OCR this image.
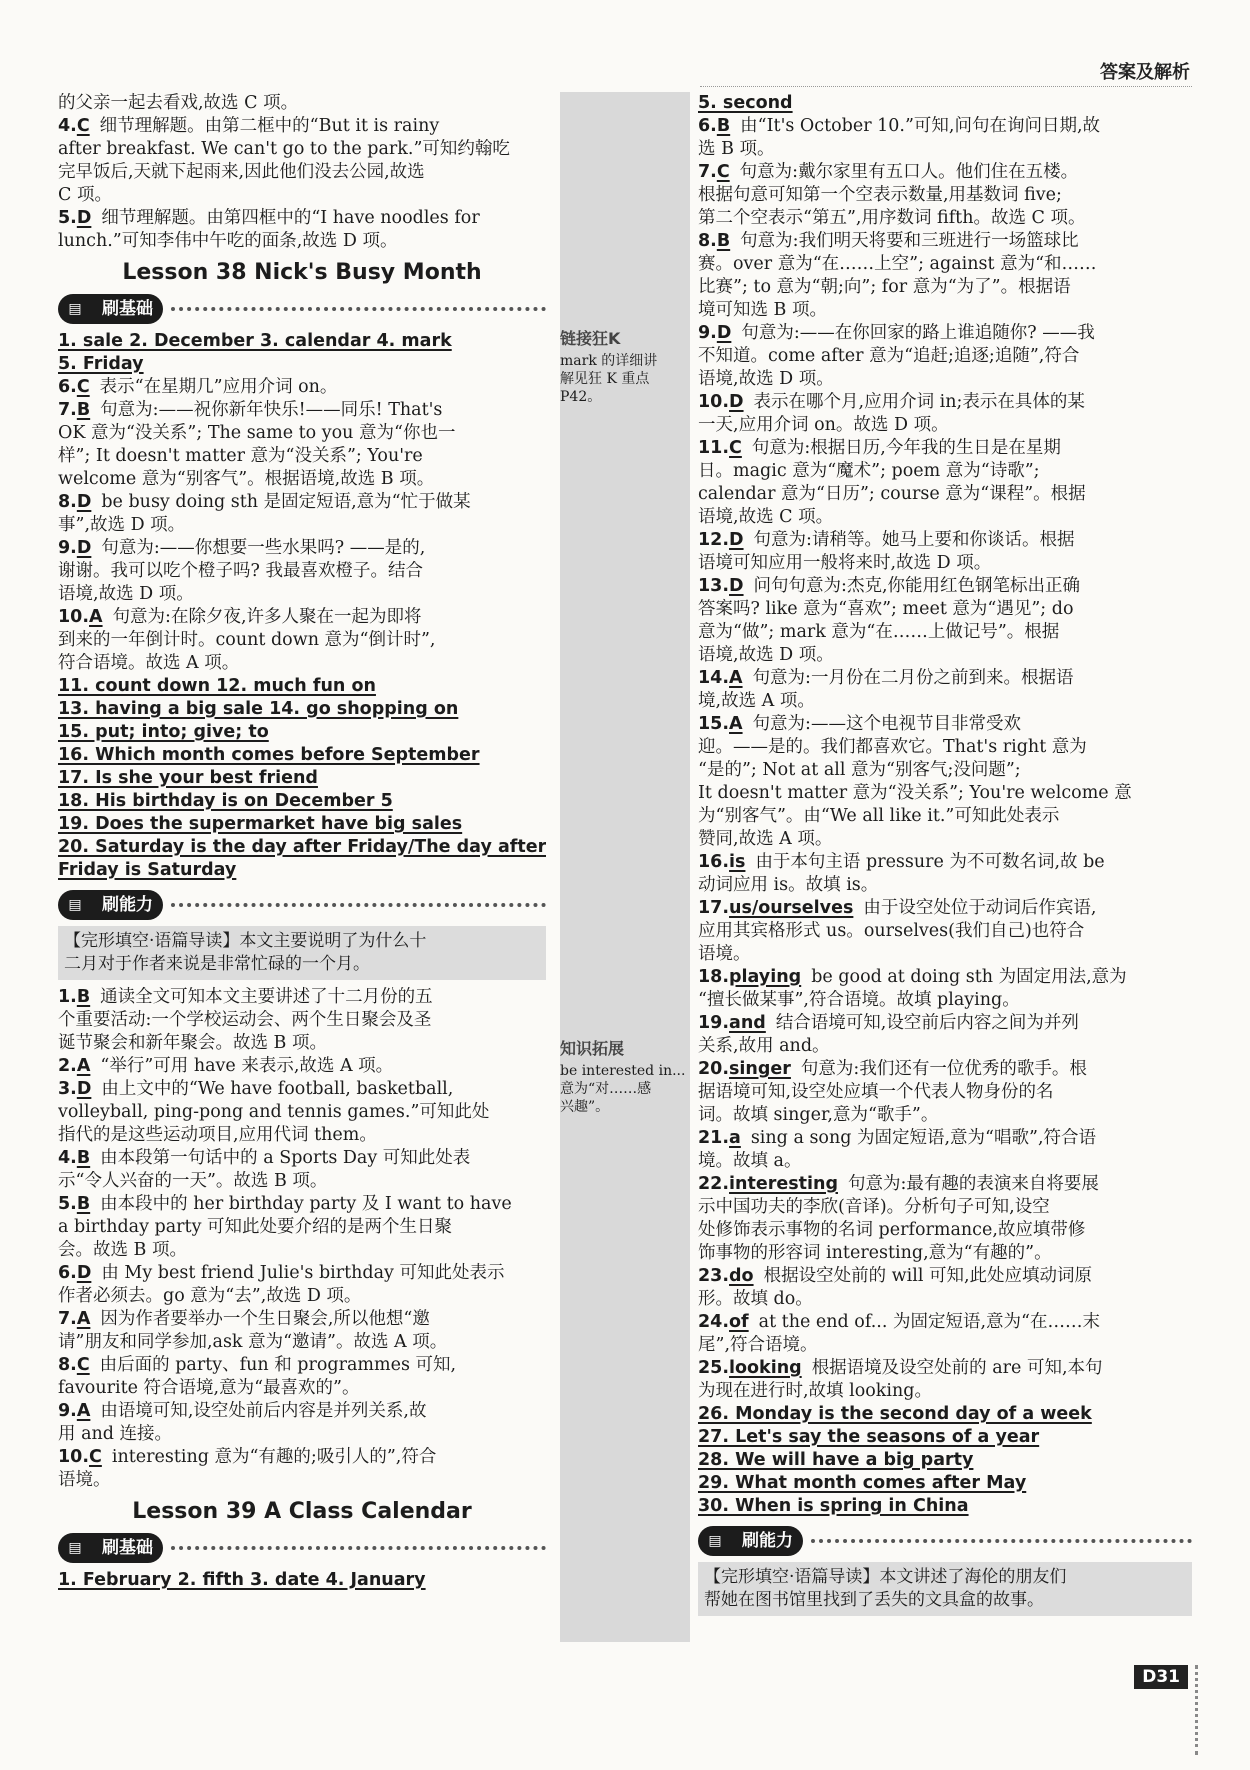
答案及解析
链接狂K
mark 的详细讲
解见狂 K 重点
P42。
知识拓展
be interested in...
意为“对……感
兴趣”。
的父亲一起去看戏,故选 C 项。
4.C 细节理解题。由第二框中的“But it is rainy
after breakfast. We can't go to the park.”可知约翰吃
完早饭后,天就下起雨来,因此他们没去公园,故选
C 项。
5.D 细节理解题。由第四框中的“I have noodles for
lunch.”可知李伟中午吃的面条,故选 D 项。
Lesson 38 Nick's Busy Month
▤	刷基础
1. sale 2. December 3. calendar 4. mark
5. Friday
6.C 表示“在星期几”应用介词 on。
7.B 句意为:——祝你新年快乐!——同乐! That's
OK 意为“没关系”; The same to you 意为“你也一
样”; It doesn't matter 意为“没关系”; You're
welcome 意为“别客气”。根据语境,故选 B 项。
8.D be busy doing sth 是固定短语,意为“忙于做某
事”,故选 D 项。
9.D 句意为:——你想要一些水果吗? ——是的,
谢谢。我可以吃个橙子吗? 我最喜欢橙子。结合
语境,故选 D 项。
10.A 句意为:在除夕夜,许多人聚在一起为即将
到来的一年倒计时。count down 意为“倒计时”,
符合语境。故选 A 项。
11. count down 12. much fun on
13. having a big sale 14. go shopping on
15. put; into; give; to
16. Which month comes before September
17. Is she your best friend
18. His birthday is on December 5
19. Does the supermarket have big sales
20. Saturday is the day after Friday/The day after
Friday is Saturday
▤	刷能力
【完形填空·语篇导读】本文主要说明了为什么十
二月对于作者来说是非常忙碌的一个月。
1.B 通读全文可知本文主要讲述了十二月份的五
个重要活动:一个学校运动会、两个生日聚会及圣
诞节聚会和新年聚会。故选 B 项。
2.A “举行”可用 have 来表示,故选 A 项。
3.D 由上文中的“We have football, basketball,
volleyball, ping-pong and tennis games.”可知此处
指代的是这些运动项目,应用代词 them。
4.B 由本段第一句话中的 a Sports Day 可知此处表
示“令人兴奋的一天”。故选 B 项。
5.B 由本段中的 her birthday party 及 I want to have
a birthday party 可知此处要介绍的是两个生日聚
会。故选 B 项。
6.D 由 My best friend Julie's birthday 可知此处表示
作者必须去。go 意为“去”,故选 D 项。
7.A 因为作者要举办一个生日聚会,所以他想“邀
请”朋友和同学参加,ask 意为“邀请”。故选 A 项。
8.C 由后面的 party、fun 和 programmes 可知,
favourite 符合语境,意为“最喜欢的”。
9.A 由语境可知,设空处前后内容是并列关系,故
用 and 连接。
10.C interesting 意为“有趣的;吸引人的”,符合
语境。
Lesson 39 A Class Calendar
▤	刷基础
1. February 2. fifth 3. date 4. January
5. second
6.B 由“It's October 10.”可知,问句在询问日期,故
选 B 项。
7.C 句意为:戴尔家里有五口人。他们住在五楼。
根据句意可知第一个空表示数量,用基数词 five;
第二个空表示“第五”,用序数词 fifth。故选 C 项。
8.B 句意为:我们明天将要和三班进行一场篮球比
赛。over 意为“在……上空”; against 意为“和……
比赛”; to 意为“朝;向”; for 意为“为了”。根据语
境可知选 B 项。
9.D 句意为:——在你回家的路上谁追随你? ——我
不知道。come after 意为“追赶;追逐;追随”,符合
语境,故选 D 项。
10.D 表示在哪个月,应用介词 in;表示在具体的某
一天,应用介词 on。故选 D 项。
11.C 句意为:根据日历,今年我的生日是在星期
日。magic 意为“魔术”; poem 意为“诗歌”;
calendar 意为“日历”; course 意为“课程”。根据
语境,故选 C 项。
12.D 句意为:请稍等。她马上要和你谈话。根据
语境可知应用一般将来时,故选 D 项。
13.D 问句句意为:杰克,你能用红色钢笔标出正确
答案吗? like 意为“喜欢”; meet 意为“遇见”; do
意为“做”; mark 意为“在……上做记号”。根据
语境,故选 D 项。
14.A 句意为:一月份在二月份之前到来。根据语
境,故选 A 项。
15.A 句意为:——这个电视节目非常受欢
迎。——是的。我们都喜欢它。That's right 意为
“是的”; Not at all 意为“别客气;没问题”;
It doesn't matter 意为“没关系”; You're welcome 意
为“别客气”。由“We all like it.”可知此处表示
赞同,故选 A 项。
16.is 由于本句主语 pressure 为不可数名词,故 be
动词应用 is。故填 is。
17.us/ourselves 由于设空处位于动词后作宾语,
应用其宾格形式 us。ourselves(我们自己)也符合
语境。
18.playing be good at doing sth 为固定用法,意为
“擅长做某事”,符合语境。故填 playing。
19.and 结合语境可知,设空前后内容之间为并列
关系,故用 and。
20.singer 句意为:我们还有一位优秀的歌手。根
据语境可知,设空处应填一个代表人物身份的名
词。故填 singer,意为“歌手”。
21.a sing a song 为固定短语,意为“唱歌”,符合语
境。故填 a。
22.interesting 句意为:最有趣的表演来自将要展
示中国功夫的李欣(音译)。分析句子可知,设空
处修饰表示事物的名词 performance,故应填带修
饰事物的形容词 interesting,意为“有趣的”。
23.do 根据设空处前的 will 可知,此处应填动词原
形。故填 do。
24.of at the end of... 为固定短语,意为“在……末
尾”,符合语境。
25.looking 根据语境及设空处前的 are 可知,本句
为现在进行时,故填 looking。
26. Monday is the second day of a week
27. Let's say the seasons of a year
28. We will have a big party
29. What month comes after May
30. When is spring in China
▤	刷能力
【完形填空·语篇导读】本文讲述了海伦的朋友们
帮她在图书馆里找到了丢失的文具盒的故事。
D31
